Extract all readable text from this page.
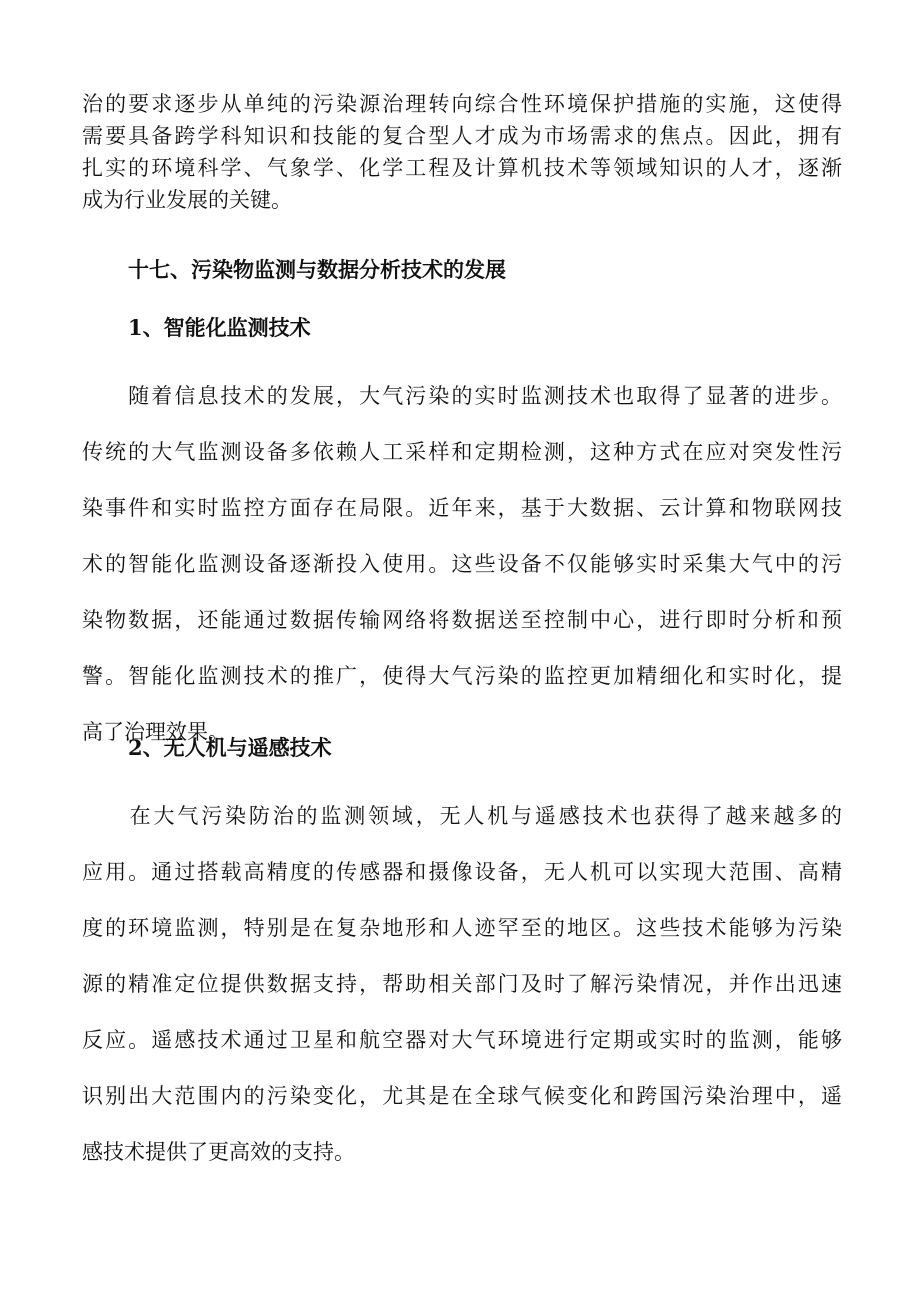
治的要求逐步从单纯的污染源治理转向综合性环境保护措施的实施，这使得
需要具备跨学科知识和技能的复合型人才成为市场需求的焦点。因此，拥有
扎实的环境科学、气象学、化学工程及计算机技术等领域知识的人才，逐渐
成为行业发展的关键。

十七、污染物监测与数据分析技术的发展
1、智能化监测技术

　　随着信息技术的发展，大气污染的实时监测技术也取得了显著的进步。
传统的大气监测设备多依赖人工采样和定期检测，这种方式在应对突发性污
染事件和实时监控方面存在局限。近年来，基于大数据、云计算和物联网技
术的智能化监测设备逐渐投入使用。这些设备不仅能够实时采集大气中的污
染物数据，还能通过数据传输网络将数据送至控制中心，进行即时分析和预
警。智能化监测技术的推广，使得大气污染的监控更加精细化和实时化，提
高了治理效果。

2、无人机与遥感技术

　　在大气污染防治的监测领域，无人机与遥感技术也获得了越来越多的
应用。通过搭载高精度的传感器和摄像设备，无人机可以实现大范围、高精
度的环境监测，特别是在复杂地形和人迹罕至的地区。这些技术能够为污染
源的精准定位提供数据支持，帮助相关部门及时了解污染情况，并作出迅速
反应。遥感技术通过卫星和航空器对大气环境进行定期或实时的监测，能够
识别出大范围内的污染变化，尤其是在全球气候变化和跨国污染治理中，遥
感技术提供了更高效的支持。
